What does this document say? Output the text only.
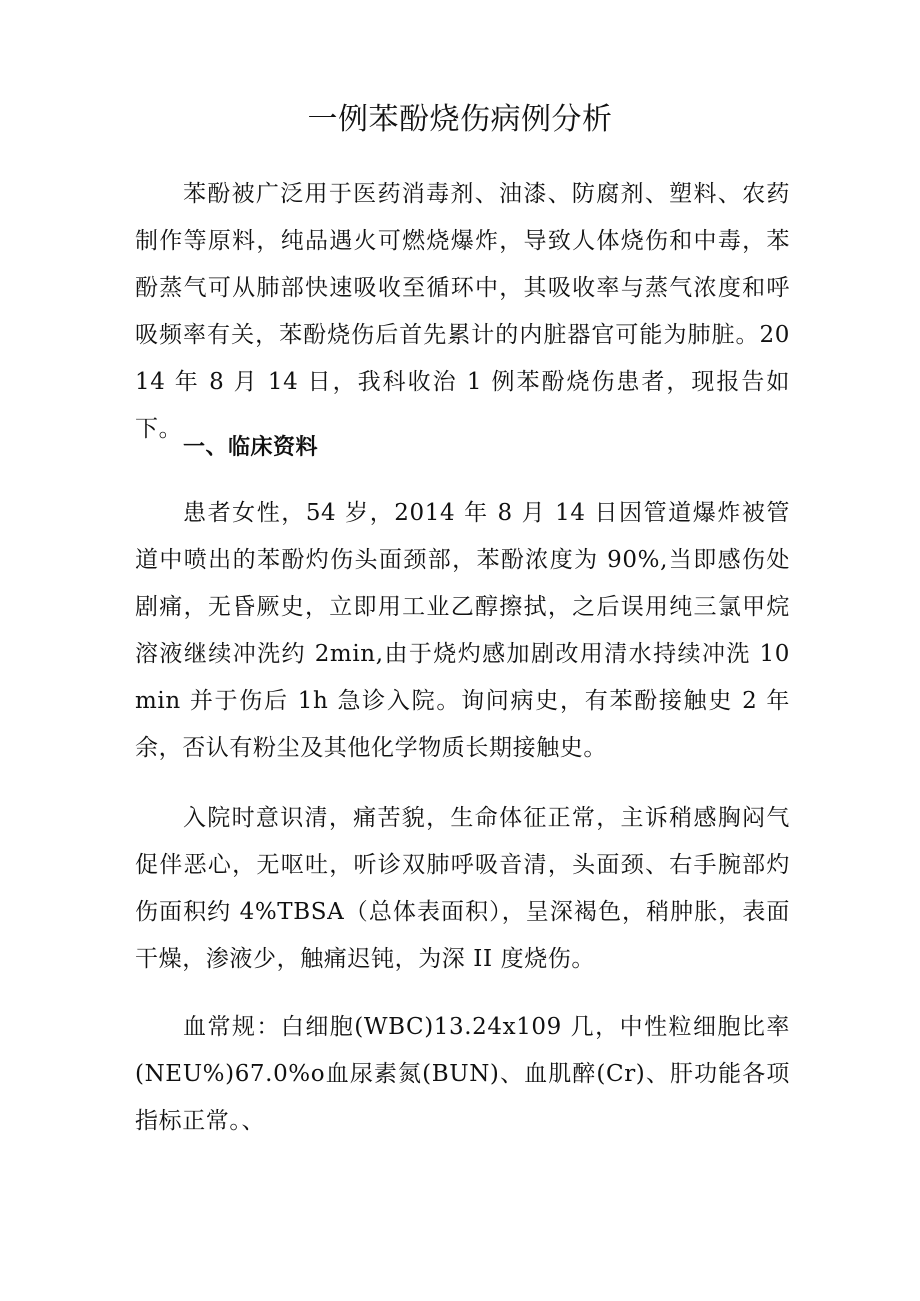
一例苯酚烧伤病例分析

苯酚被广泛用于医药消毒剂、油漆、防腐剂、塑料、农药制作等原料，纯品遇火可燃烧爆炸，导致人体烧伤和中毒，苯酚蒸气可从肺部快速吸收至循环中，其吸收率与蒸气浓度和呼吸频率有关，苯酚烧伤后首先累计的内脏器官可能为肺脏。2014 年 8 月 14 日，我科收治 1 例苯酚烧伤患者，现报告如下。

一、临床资料

患者女性，54 岁，2014 年 8 月 14 日因管道爆炸被管道中喷出的苯酚灼伤头面颈部，苯酚浓度为 90%,当即感伤处剧痛，无昏厥史，立即用工业乙醇擦拭，之后误用纯三氯甲烷溶液继续冲洗约 2min,由于烧灼感加剧改用清水持续冲洗 10min 并于伤后 1h 急诊入院。询问病史，有苯酚接触史 2 年余，否认有粉尘及其他化学物质长期接触史。

入院时意识清，痛苦貌，生命体征正常，主诉稍感胸闷气促伴恶心，无呕吐，听诊双肺呼吸音清，头面颈、右手腕部灼伤面积约 4%TBSA（总体表面积），呈深褐色，稍肿胀，表面干燥，渗液少，触痛迟钝，为深 II 度烧伤。

血常规：白细胞(WBC)13.24x109 几，中性粒细胞比率(NEU%)67.0%o血尿素氮(BUN)、血肌醉(Cr)、肝功能各项指标正常。、
